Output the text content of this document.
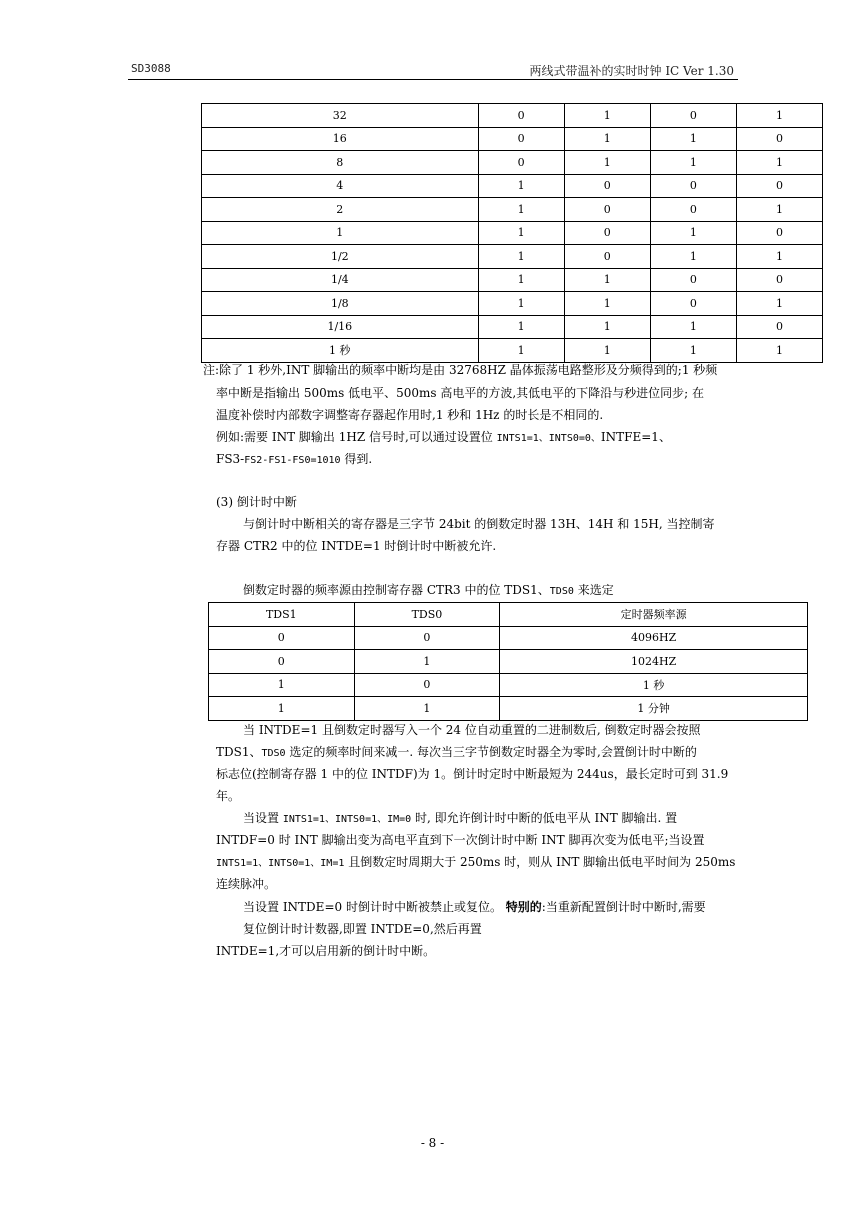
SD3088	两线式带温补的实时时钟 IC Ver 1.30
32	0	1	0	1
16	0	1	1	0
8	0	1	1	1
4	1	0	0	0
2	1	0	0	1
1	1	0	1	0
1/2	1	0	1	1
1/4	1	1	0	0
1/8	1	1	0	1
1/16	1	1	1	0
1 秒	1	1	1	1
注:除了 1 秒外,INT 脚输出的频率中断均是由 32768HZ 晶体振荡电路整形及分频得到的;1 秒频
率中断是指输出 500ms 低电平、500ms 高电平的方波,其低电平的下降沿与秒进位同步; 在
温度补偿时内部数字调整寄存器起作用时,1 秒和 1Hz 的时长是不相同的.
例如:需要 INT 脚输出 1HZ 信号时,可以通过设置位 INTS1=1、INTS0=0、INTFE=1、
FS3-FS2-FS1-FS0=1010 得到.
(3) 倒计时中断
与倒计时中断相关的寄存器是三字节 24bit 的倒数定时器 13H、14H 和 15H, 当控制寄
存器 CTR2 中的位 INTDE=1 时倒计时中断被允许.
倒数定时器的频率源由控制寄存器 CTR3 中的位 TDS1、TDS0 来选定
TDS1	TDS0	定时器频率源
0	0	4096HZ
0	1	1024HZ
1	0	1 秒
1	1	1 分钟
当 INTDE=1 且倒数定时器写入一个 24 位自动重置的二进制数后, 倒数定时器会按照
TDS1、TDS0 选定的频率时间来减一. 每次当三字节倒数定时器全为零时,会置倒计时中断的
标志位(控制寄存器 1 中的位 INTDF)为 1。倒计时定时中断最短为 244us，最长定时可到 31.9
年。
当设置 INTS1=1、INTS0=1、IM=0 时, 即允许倒计时中断的低电平从 INT 脚输出. 置
INTDF=0 时 INT 脚输出变为高电平直到下一次倒计时中断 INT 脚再次变为低电平;当设置
INTS1=1、INTS0=1、IM=1 且倒数定时周期大于 250ms 时，则从 INT 脚输出低电平时间为 250ms
连续脉冲。
当设置 INTDE=0 时倒计时中断被禁止或复位。 特别的:当重新配置倒计时中断时,需要
复位倒计时计数器,即置 INTDE=0,然后再置
INTDE=1,才可以启用新的倒计时中断。
- 8 -
